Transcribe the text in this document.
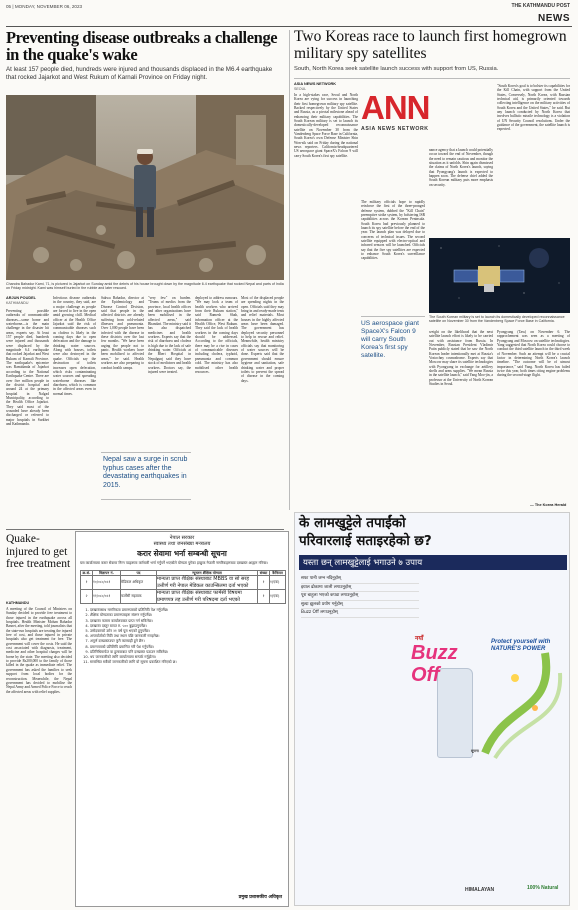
05 | MONDAY, NOVEMBER 06, 2023	THE KATHMANDU POST
NEWS
Preventing disease outbreaks a challenge in the quake's wake
At least 157 people died, hundreds were injured and thousands displaced in the M6.4 earthquake that rocked Jajarkot and West Rukum of Karnali Province on Friday night.
Chandra Bahadur Kami, 71, is pictured in Jajarkot on Sunday amid the debris of his house brought down by the magnitude 6.4 earthquake that rocked Nepal and parts of India on Friday midnight. Kami was himself buried in the rubble and later rescued.
ARJUN POUDEL
KATHMANDU
Preventing possible outbreaks of communicable diseases—some borne and waterborne—is the main challenge in the disaster hit areas, experts say. At least 157 people died, hundreds were injured and thousands were displaced by the magnitude 6.4 earthquake that rocked Jajarkot and West Rukum of Karnali Province. The earthquake's epicentre was Ramidanda of Jajarkot according to the National Earthquake Centre. There are over five million people in the district hospital and around 24 at the primary hospital in Nalgad Municipality, according to the Health Office Jajarkot. They said most of the wounded have already been discharged or referred to major hospitals in Surkhet and Kathmandu.
Infectious disease outbreaks in the country, they said, are a major challenge as people are forced to live in the open amid growing chill. Medical officer at the Health Office Jajarkot said the risk of communicable diseases such as cholera is likely in the coming days due to open defecation and the damage to drinking water sources. Along with houses, toilets were also destroyed in the quake. Officials say the destruction of toilets increases open defecation, which risks contaminating water sources and spreading waterborne diseases like diarrhoea, which is common in the affected areas even in normal times.
Sakwa Bahadur, director at the Epidemiology and Disease Control Division, said that people in the affected districts are already suffering from cold-related illnesses and pneumonia. Over 1,000 people have been infected with the disease in these districts over the last few months. "We have been urging the people not to panic. Health workers have been mobilised to affected areas," he said. Health workers are also preparing to conduct health camps.
Nepal saw a surge in scrub typhus cases after the devastating earthquakes in 2015.
"very few" on burden. "Teams of medics from the province, local health offices and other organisations have been mobilised in the affected areas," said Bhandari. The ministry said it has also dispatched medicines and health workers. Experts say that the risk of diarrhoea and cholera is high due to the lack of safe drinking water. Officials at the Bheri Hospital in Nepalgunj said they have stock of medicines and health workers. Doctors say, the injured were treated.
deployed to address rumours. "We may look a team of health workers who arrived from their Rukum station," said Ramesh Shah, information officer at the Health Office, West Rukum. They said the lack of health workers in the coming days should be addressed. According to the officials, there may be a rise in cases of communicable diseases including cholera, typhoid, pneumonia and common cold. The ministry has also mobilised other health resources.
Most of the displaced people are spending nights in the open. Officials said they may bring in and ready-made tents and relief materials. Most houses in the highly affected areas have been damaged. The government has deployed security personnel to help in rescue and relief. Meanwhile, health ministry officials say that monitoring of water sources will be done. Experts said that the government should ensure hygiene and sanitation, safe drinking water and proper toilets to prevent the spread of disease in the coming days.

Quake-injured to get free treatment
KATHMANDU
A meeting of the Council of Ministers on Sunday decided to provide free treatment to those injured in the earthquake across all hospitals. Health Minister Mohan Bahadur Basnet, after the meeting, told journalists that the state-run hospitals are treating the injured free of cost, and those injured in private hospitals also get treatment for free. The government will cover the costs. He said the cost associated with diagnosis, treatment, medicine and other hospital charges will be borne by the state. The meeting also decided to provide Rs200,000 to the family of those killed in the quake as immediate relief. The government has asked the families to seek support from local bodies for the reconstruction. Meanwhile, the Nepal government has decided to mobilise the Nepal Army and Armed Police Force to reach the affected areas with relief supplies.
Two Koreas race to launch first homegrown military spy satellites
South, North Korea seek satellite launch success with support from US, Russia.
ASIA NEWS NETWORK
SEOUL
In a high-stakes race, Seoul and North Korea are vying for success in launching their first homegrown military spy satellite. Backed respectively by the United States and Russia, as a pivotal milestone ahead of enhancing their military capabilities. The South Korean military is set to launch its domestically-developed reconnaissance satellite on November 30 from the Vandenberg Space Force Base in California, South Korea's own Defense Minister Shin Won-sik said on Friday during the national news reporters. California-headquartered US aerospace giant SpaceX's Falcon 9 will carry South Korea's first spy satellite.
ANN
ASIA NEWS NETWORK
The military officials hope to rapidly reinforce the first of the three-pronged defense system, dubbed the "Kill Chain" preemptive strike system, by bolstering ISR capabilities across the Korean Peninsula. South Korea had previously planned to launch its spy satellite before the end of the year. The launch plan was delayed due to concerns of technical issues. The second satellite equipped with electro-optical and infrared sensors will be launched. Officials say that the five spy satellites are expected to enhance South Korea's surveillance capabilities.
nance agency that a launch could potentially occur toward the end of November, though the need to remain cautious and monitor the situation as it unfolds. Shin again dismissed the claims of North Korea's launch, saying that Pyongyang's launch is expected to happen soon. The defense chief added the South Korean military puts more emphasis on security.
"South Korea's goal is to bolster its capabilities for the Kill Chain, with support from the United States, Conversely, North Korea, with Russian technical aid, is primarily oriented towards collecting intelligence on the military activities of South Korea and the United States," he said. But any launch conducted by North Korea that involves ballistic missile technology is a violation of UN Security Council resolutions. Under the guidance of the government, the satellite launch is expected.
The South Korean military is set to launch its domestically developed reconnaissance satellite on November 30 from the Vandenberg Space Force Base in California.
US aerospace giant SpaceX's Falcon 9 will carry South Korea's first spy satellite.
weight on the likelihood that the next satellite launch effort is likely to be carried out with assistance from Russia. In November, Russian President Vladimir Putin publicly stated that he saw the North Korean leader intentionally met at Russia's Vostochny cosmodrome. Experts say that Moscow may share its satellite technologies with Pyongyang in exchange for artillery shells and arms supplies. "We mean Russia in the satellite launch," said Yang Moo-jin, a professor at the University of North Korean Studies in Seoul.
Pyongyang (Tass) on November 6. The rapprochement was seen as a meeting of Pyongyang and Moscow on satellite technologies. Yang suggested that North Korea could choose to conduct the third satellite launch in the third week of November. Such an attempt will be a crucial factor in determining North Korea's launch timeline. "The outcome will be of utmost importance," said Yang. North Korea has failed twice this year, both times citing engine problems during the second-stage flight.
— The Korea Herald
के लामखुट्टेले तपाईंको
परिवारलाई सताइरहेको छ?
यस्ता छन् लामखुट्टेलाई भगाउने ७ उपाय
सफा पानी जम्न नदिनुहोस्
झ्याल ढोकामा जाली लगाउनुहोस्
पूरा बाहुला भएको कपडा लगाउनुहोस्
सुत्दा झुलको प्रयोग गर्नुहोस्
Buzz Off लगाउनुहोस्
नयाँ
Buzz Off
Protect yourself with NATURE'S POWER
सूचना
HIMALAYAN	100% Natural
नेपाल सरकार
स्वास्थ्य तथा जनसंख्या मन्त्रालय
करार सेवामा भर्ना सम्बन्धी सूचना
यस कार्यालयमा करार सेवामा निम्न पदहरूमा कर्मचारी भर्ना गर्नुपर्ने भएकोले योग्यता पुगेका इच्छुक नेपाली नागरिकहरूबाट दरखास्त आह्वान गरिन्छ।
क्र.सं.	विज्ञापन नं.	पद	न्यूनतम शैक्षिक योग्यता	संख्या	कैफियत
१	१०/०८०/०८१	मेडिकल अधिकृत	मान्यता प्राप्त शैक्षिक संस्थाबाट MBBS वा सो सरह उत्तीर्ण गरी नेपाल मेडिकल काउन्सिलमा दर्ता भएको	१	१(एक)
२	११/०८०/०८१	फार्मेसी सहायक	मान्यता प्राप्त शैक्षिक संस्थाबाट फार्मेसी विषयमा प्रमाणपत्र तह उत्तीर्ण गरी परिषदमा दर्ता भएको	१	१(एक)
1. दरखास्तसाथ नागरिकता प्रमाणपत्रको प्रतिलिपि पेश गर्नुपर्नेछ।
2. शैक्षिक योग्यताका प्रमाणपत्रहरू संलग्न गर्नुपर्नेछ।
3. दरखास्त फाराम कार्यालयबाट प्राप्त गर्न सकिनेछ।
4. दरखास्त दस्तुर बापत रु. ५०० बुझाउनुपर्नेछ।
5. उम्मेदवारको उमेर २१ वर्ष पूरा भएको हुनुपर्नेछ।
6. अन्तर्वार्ताको मिति तथा स्थान पछि जानकारी गराइनेछ।
7. अपूर्ण दरखास्तउपर कुनै कारबाही हुने छैन।
8. प्रमाणपत्रको प्रतिलिपि प्रमाणित गरी पेश गर्नुपर्नेछ।
9. प्रतिनिधिमार्फत वा हुलाकबाट पनि दरखास्त पठाउन सकिनेछ।
10. थप जानकारीको लागि कार्यालयमा सम्पर्क गर्नुहोला।
11. सम्बन्धित सबैको जानकारीको लागि यो सूचना प्रकाशित गरिएको छ।
प्रमुख प्रशासकीय अधिकृत
